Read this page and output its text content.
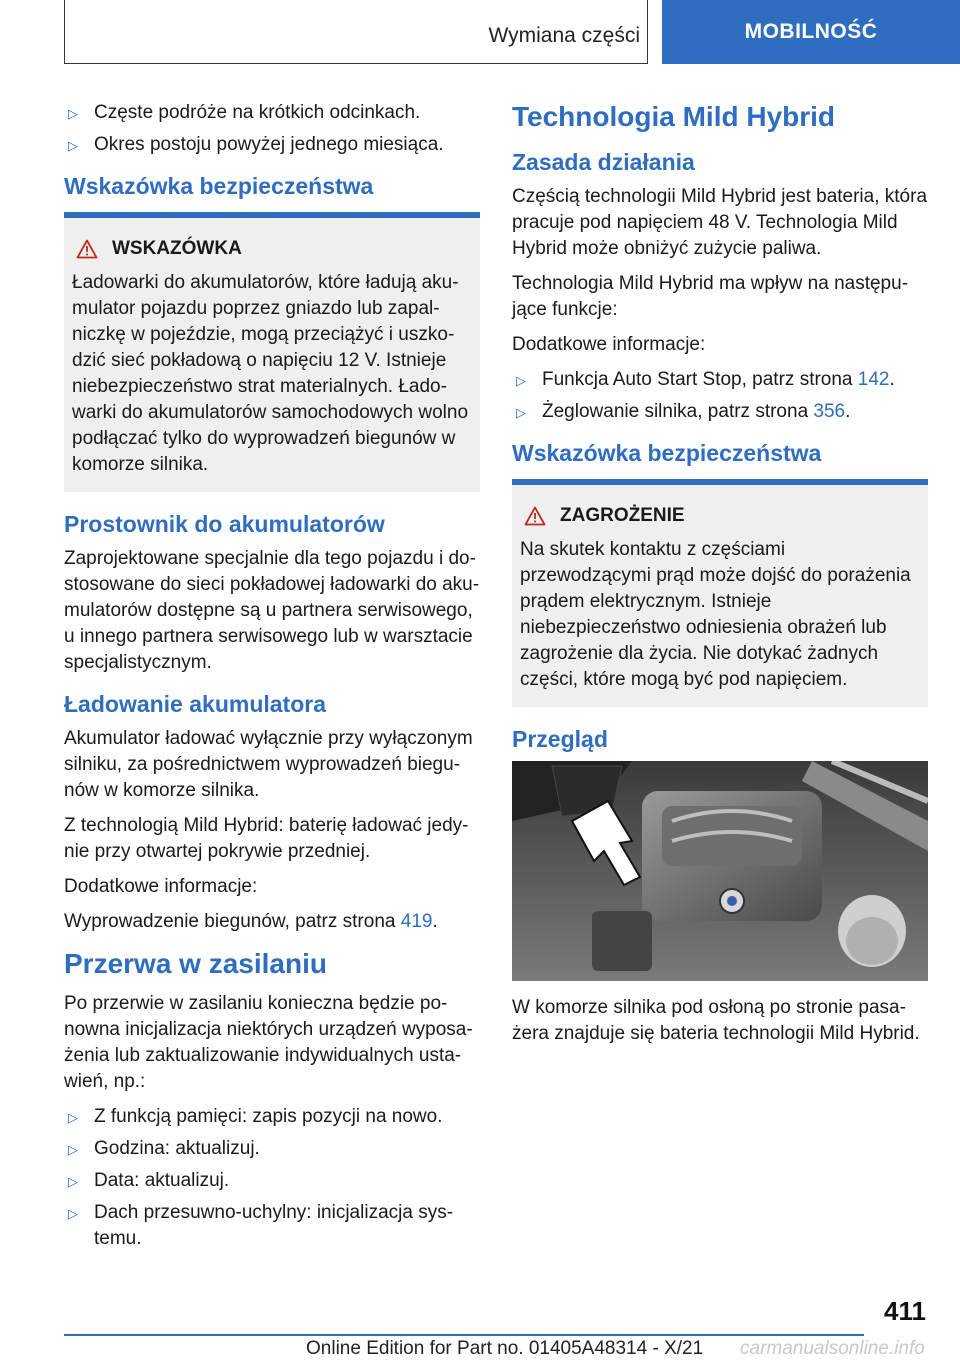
Wymiana części	MOBILNOŚĆ
▷ Częste podróże na krótkich odcinkach.
▷ Okres postoju powyżej jednego miesiąca.
Wskazówka bezpieczeństwa
WSKAZÓWKA

Ładowarki do akumulatorów, które ładują akumulator pojazdu poprzez gniazdo lub zapalniczkę w pojeździe, mogą przeciążyć i uszkodzić sieć pokładową o napięciu 12 V. Istnieje niebezpieczeństwo strat materialnych. Ładowarki do akumulatorów samochodowych wolno podłączać tylko do wyprowadzeń biegunów w komorze silnika.

Prostownik do akumulatorów

Zaprojektowane specjalnie dla tego pojazdu i dostosowane do sieci pokładowej ładowarki do akumulatorów dostępne są u partnera serwisowego, u innego partnera serwisowego lub w warsztacie specjalistycznym.

Ładowanie akumulatora

Akumulator ładować wyłącznie przy wyłączonym silniku, za pośrednictwem wyprowadzeń biegunów w komorze silnika.

Z technologią Mild Hybrid: baterię ładować jedynie przy otwartej pokrywie przedniej.

Dodatkowe informacje:

Wyprowadzenie biegunów, patrz strona 419.

Przerwa w zasilaniu

Po przerwie w zasilaniu konieczna będzie ponowna inicjalizacja niektórych urządzeń wyposażenia lub zaktualizowanie indywidualnych ustawień, np.:

▷ Z funkcją pamięci: zapis pozycji na nowo.
▷ Godzina: aktualizuj.
▷ Data: aktualizuj.
▷ Dach przesuwno-uchylny: inicjalizacja systemu.
Technologia Mild Hybrid
Zasada działania

Częścią technologii Mild Hybrid jest bateria, która pracuje pod napięciem 48 V. Technologia Mild Hybrid może obniżyć zużycie paliwa.

Technologia Mild Hybrid ma wpływ na następujące funkcje:

Dodatkowe informacje:

▷ Funkcja Auto Start Stop, patrz strona 142.
▷ Żeglowanie silnika, patrz strona 356.
Wskazówka bezpieczeństwa
ZAGROŻENIE

Na skutek kontaktu z częściami przewodzącymi prąd może dojść do porażenia prądem elektrycznym. Istnieje niebezpieczeństwo odniesienia obrażeń lub zagrożenie dla życia. Nie dotykać żadnych części, które mogą być pod napięciem.

Przegląd

W komorze silnika pod osłoną po stronie pasażera znajduje się bateria technologii Mild Hybrid.

411
Online Edition for Part no. 01405A48314 - X/21 carmanualsonline.info
